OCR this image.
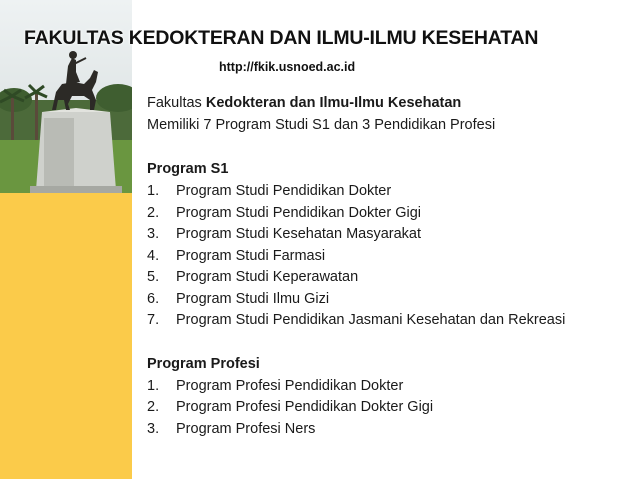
FAKULTAS KEDOKTERAN DAN ILMU-ILMU KESEHATAN
http://fkik.usnoed.ac.id
Fakultas Kedokteran dan Ilmu-Ilmu Kesehatan
Memiliki 7 Program Studi S1 dan 3 Pendidikan Profesi
Program S1
1.	Program Studi Pendidikan Dokter
2.	Program Studi Pendidikan Dokter Gigi
3.	Program Studi Kesehatan Masyarakat
4.	Program Studi Farmasi
5.	Program Studi Keperawatan
6.	Program Studi Ilmu Gizi
7.	Program Studi Pendidikan Jasmani Kesehatan dan Rekreasi
Program Profesi
1.	Program Profesi Pendidikan Dokter
2.	Program Profesi Pendidikan Dokter Gigi
3.	Program Profesi Ners
